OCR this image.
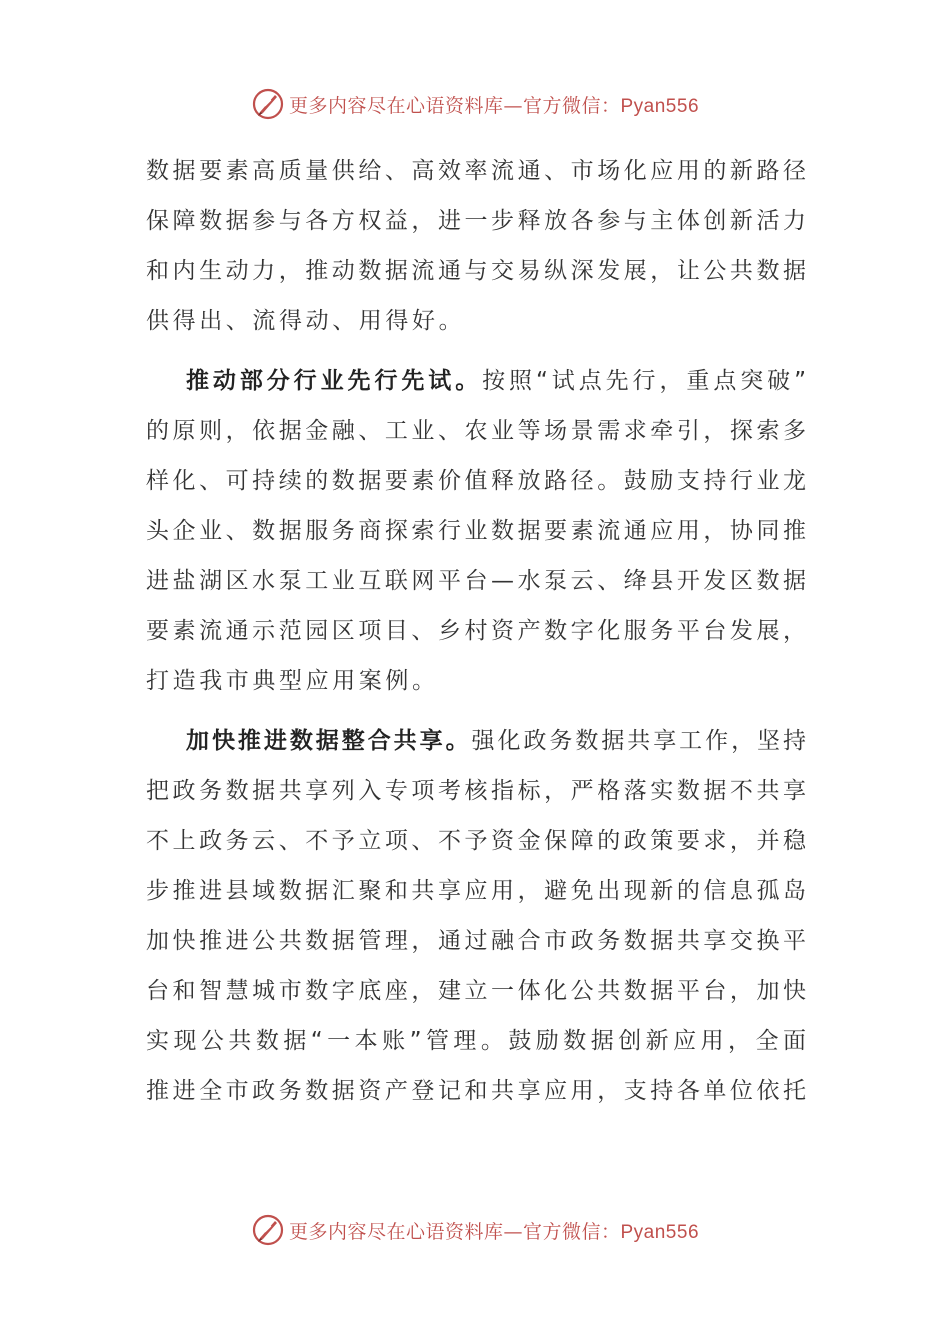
更多内容尽在心语资料库—官方微信：Pyan556
数据要素高质量供给、高效率流通、市场化应用的新路径
保障数据参与各方权益，进一步释放各参与主体创新活力
和内生动力，推动数据流通与交易纵深发展，让公共数据
供得出、流得动、用得好。
推动部分行业先行先试。按照“试点先行，重点突破”
的原则，依据金融、工业、农业等场景需求牵引，探索多
样化、可持续的数据要素价值释放路径。鼓励支持行业龙
头企业、数据服务商探索行业数据要素流通应用，协同推
进盐湖区水泵工业互联网平台—水泵云、绛县开发区数据
要素流通示范园区项目、乡村资产数字化服务平台发展，
打造我市典型应用案例。
加快推进数据整合共享。强化政务数据共享工作，坚持
把政务数据共享列入专项考核指标，严格落实数据不共享
不上政务云、不予立项、不予资金保障的政策要求，并稳
步推进县域数据汇聚和共享应用，避免出现新的信息孤岛
加快推进公共数据管理，通过融合市政务数据共享交换平
台和智慧城市数字底座，建立一体化公共数据平台，加快
实现公共数据“一本账”管理。鼓励数据创新应用，全面
推进全市政务数据资产登记和共享应用，支持各单位依托
更多内容尽在心语资料库—官方微信：Pyan556
